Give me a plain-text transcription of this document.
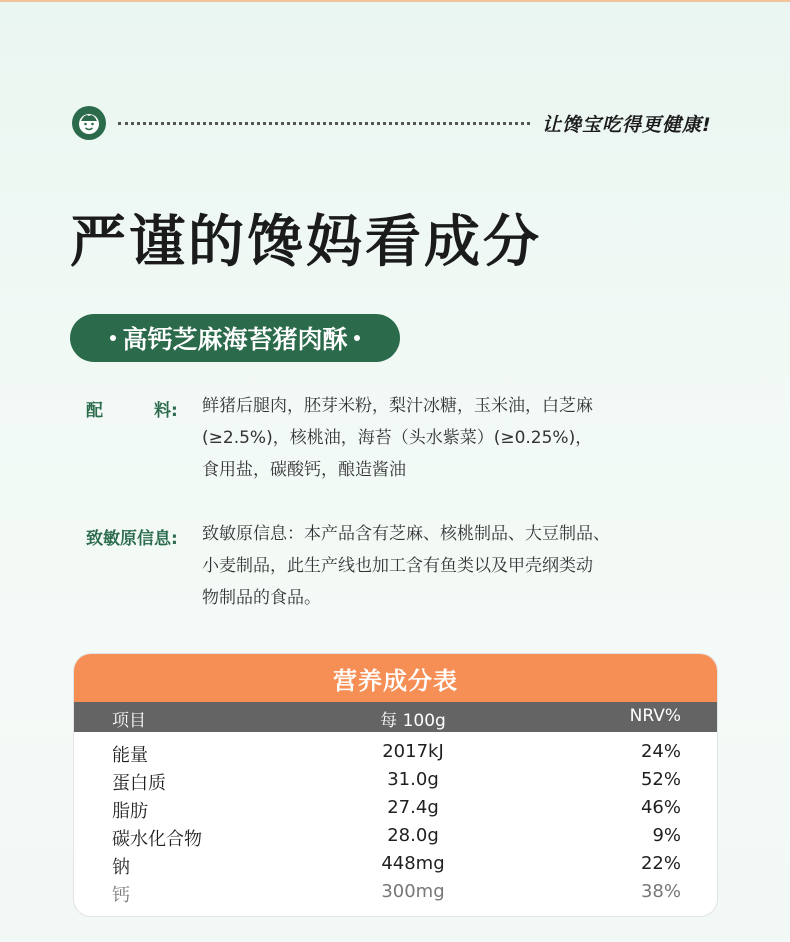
让馋宝吃得更健康!
严谨的馋妈看成分
高钙芝麻海苔猪肉酥
配　　　料: 鲜猪后腿肉，胚芽米粉，梨汁冰糖，玉米油，白芝麻
(≥2.5%)，核桃油，海苔（头水紫菜）(≥0.25%)，
食用盐，碳酸钙，酿造酱油
致敏原信息: 致敏原信息：本产品含有芝麻、核桃制品、大豆制品、
小麦制品，此生产线也加工含有鱼类以及甲壳纲类动
物制品的食品。
营养成分表
项目	每 100g	NRV%
能量	2017kJ	24%
蛋白质	31.0g	52%
脂肪	27.4g	46%
碳水化合物	28.0g	9%
钠	448mg	22%
钙	300mg	38%
